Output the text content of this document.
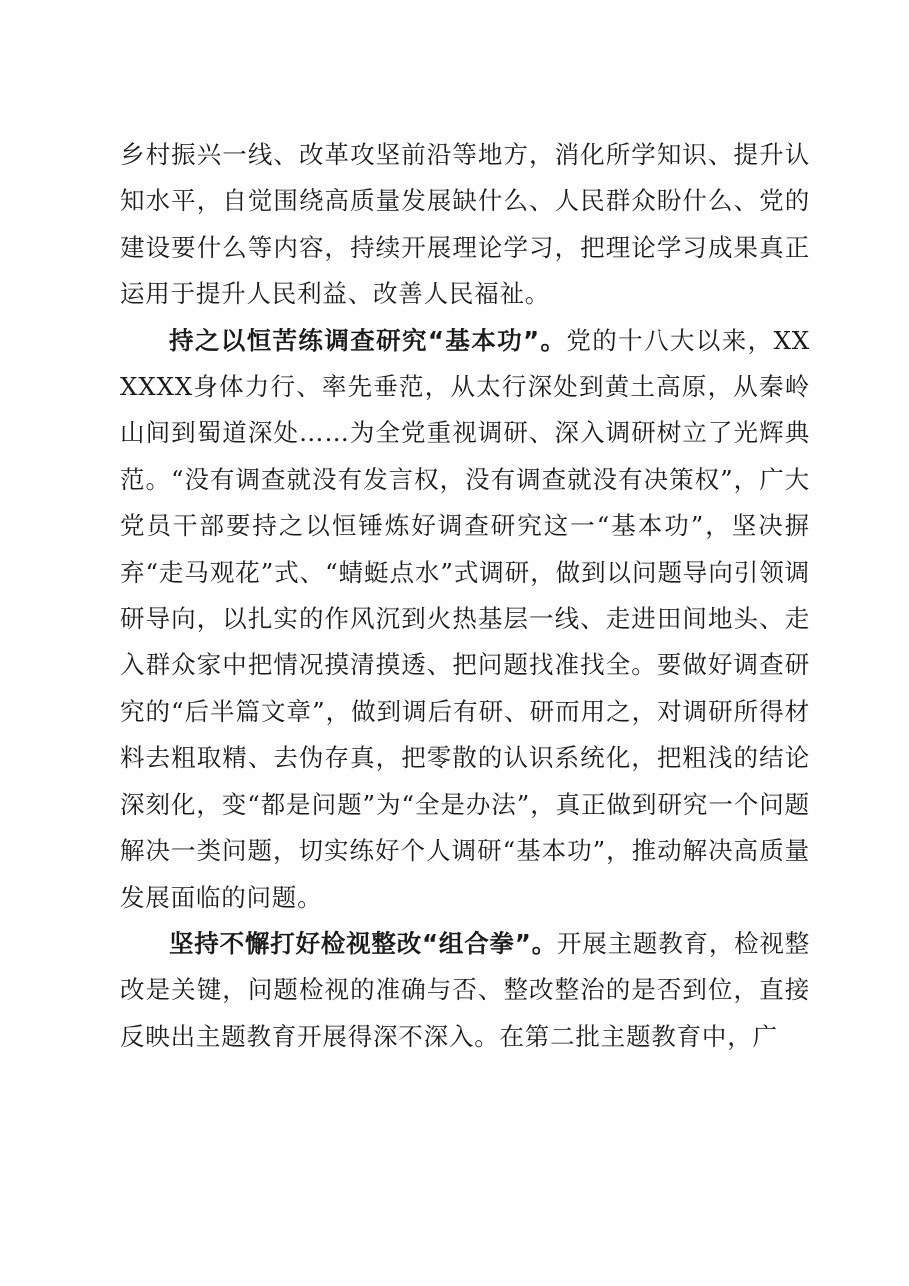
乡村振兴一线、改革攻坚前沿等地方，消化所学知识、提升认知水平，自觉围绕高质量发展缺什么、人民群众盼什么、党的建设要什么等内容，持续开展理论学习，把理论学习成果真正运用于提升人民利益、改善人民福祉。

持之以恒苦练调查研究“基本功”。党的十八大以来，XXXXXX身体力行、率先垂范，从太行深处到黄土高原，从秦岭山间到蜀道深处……为全党重视调研、深入调研树立了光辉典范。“没有调查就没有发言权，没有调查就没有决策权”，广大党员干部要持之以恒锤炼好调查研究这一“基本功”，坚决摒弃“走马观花”式、“蜻蜓点水”式调研，做到以问题导向引领调研导向，以扎实的作风沉到火热基层一线、走进田间地头、走入群众家中把情况摸清摸透、把问题找准找全。要做好调查研究的“后半篇文章”，做到调后有研、研而用之，对调研所得材料去粗取精、去伪存真，把零散的认识系统化，把粗浅的结论深刻化，变“都是问题”为“全是办法”，真正做到研究一个问题解决一类问题，切实练好个人调研“基本功”，推动解决高质量发展面临的问题。

坚持不懈打好检视整改“组合拳”。开展主题教育，检视整改是关键，问题检视的准确与否、整改整治的是否到位，直接反映出主题教育开展得深不深入。在第二批主题教育中，广
